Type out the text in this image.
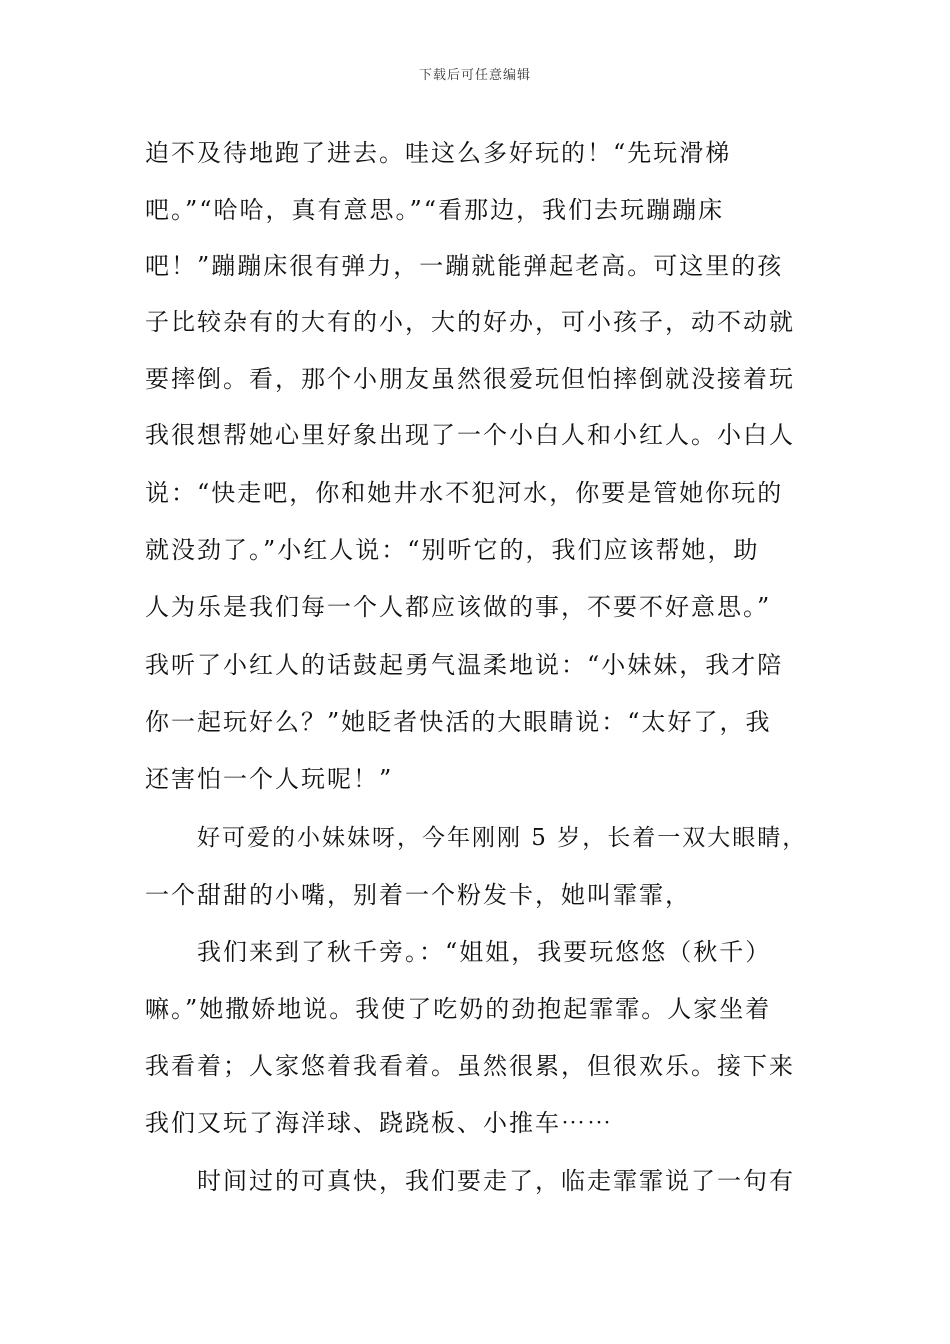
下载后可任意编辑
迫不及待地跑了进去。哇这么多好玩的！“先玩滑梯
吧。”“哈哈，真有意思。”“看那边，我们去玩蹦蹦床
吧！”蹦蹦床很有弹力，一蹦就能弹起老高。可这里的孩
子比较杂有的大有的小，大的好办，可小孩子，动不动就
要摔倒。看，那个小朋友虽然很爱玩但怕摔倒就没接着玩
我很想帮她心里好象出现了一个小白人和小红人。小白人
说：“快走吧，你和她井水不犯河水，你要是管她你玩的
就没劲了。”小红人说：“别听它的，我们应该帮她，助
人为乐是我们每一个人都应该做的事，不要不好意思。”
我听了小红人的话鼓起勇气温柔地说：“小妹妹，我才陪
你一起玩好么？”她眨者快活的大眼睛说：“太好了，我
还害怕一个人玩呢！”
好可爱的小妹妹呀，今年刚刚 5 岁，长着一双大眼睛，
一个甜甜的小嘴，别着一个粉发卡，她叫霏霏，
我们来到了秋千旁。：“姐姐，我要玩悠悠（秋千）
嘛。”她撒娇地说。我使了吃奶的劲抱起霏霏。人家坐着
我看着；人家悠着我看着。虽然很累，但很欢乐。接下来
我们又玩了海洋球、跷跷板、小推车⋯⋯
时间过的可真快，我们要走了，临走霏霏说了一句有
